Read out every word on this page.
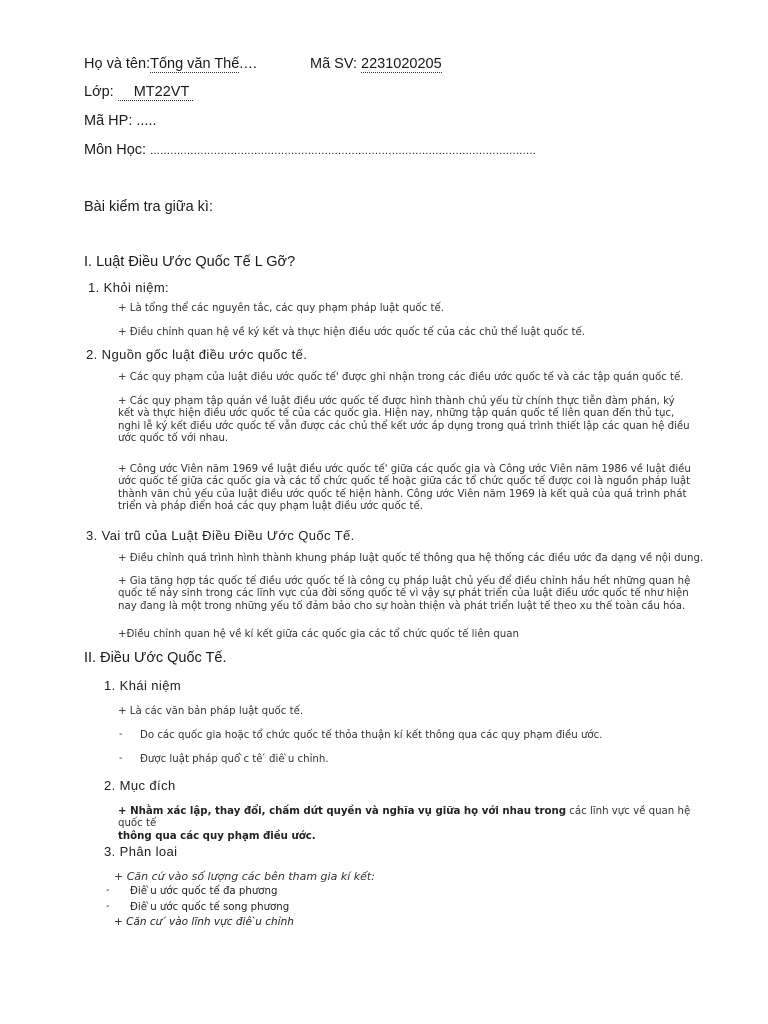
Họ và tên:Tống văn Thế....	Mã SV: 2231020205
Lớp: MT22VT
Mã HP: .....
Môn Học: ...................................................................................................................
Bài kiểm tra giữa kì:
I. Luật Điều Ước Quốc Tế L Gỡ?
1. Khỏi niệm:
+ Là tổng thể các nguyên tắc, các quy phạm pháp luật quốc tế.
+ Điều chỉnh quan hệ về ký kết và thực hiện điều ước quốc tế của các chủ thể luật quốc tế.
2. Nguồn gốc luật điều ước quốc tế.
+ Các quy phạm của luật điều ước quốc tế' được ghi nhận trong các điều ước quốc tế và các tập quán quốc tế.
+ Các quy phạm tập quán về luật điều ước quốc tế được hình thành chủ yếu từ chính thực tiễn đàm phán, ký kết và thực hiện điều ước quốc tế của các quốc gia. Hiện nay, những tập quán quốc tế liên quan đến thủ tục, nghi lễ ký kết điều ước quốc tế vẫn được các chủ thể kết ước áp dụng trong quá trình thiết lập các quan hệ điều ước quốc tố với nhau.
+ Công ước Viên năm 1969 về luật điều ước quốc tế' giữa các quốc gia và Công ước Viên năm 1986 về luật điều ước quốc tế giữa các quốc gia và các tổ chức quốc tế hoặc giữa các tổ chức quốc tế được coi là nguồn pháp luật thành văn chủ yếu của luật điều ước quốc tế hiện hành. Công ước Viên năm 1969 là kết quả của quá trình phát triển và pháp điển hoá các quy phạm luật điều ước quốc tế.
3. Vai trũ của Luật Điều Điều Ước Quốc Tế.
+ Điều chỉnh quá trình hình thành khung pháp luật quốc tế thông qua hệ thống các điều ước đa dạng về nội dung.
+ Gia tăng hợp tác quốc tế điều ước quốc tế là công cụ pháp luật chủ yếu để điều chỉnh hầu hết những quan hệ quốc tế nảy sinh trong các lĩnh vực của đời sống quốc tế vì vậy sự phát triển của luật điều ước quốc tế như hiện nay đang là một trong những yếu tố đảm bảo cho sự hoàn thiện và phát triển luật tế theo xu thế toàn cầu hóa.
+Điều chỉnh quan hệ về kí kết giữa các quốc gia các tổ chức quốc tế liên quan
II. Điều Ước Quốc Tế.
1. Khái niệm
+ Là các văn bản pháp luật quốc tế.
- Do các quốc gia hoặc tổ chức quốc tế thỏa thuận kí kết thông qua các quy phạm điều ước.
- Được luật pháp quố ̀c tê ́ điê ̀u chỉnh.
2. Mục đích
+ Nhằm xác lập, thay đổi, chấm dứt quyền và nghĩa vụ giữa họ với nhau trong các lĩnh vực về quan hệ quốc tế
thông qua các quy phạm điều ước.
3. Phân loai
+ Căn cứ vào số lượng các bên tham gia kí kết:
- Điê ̀u ước quốc tế đa phương
- Điê ̀u ước quốc tế song phương
+ Căn cư ́ vào lĩnh vực điê ̀u chỉnh
